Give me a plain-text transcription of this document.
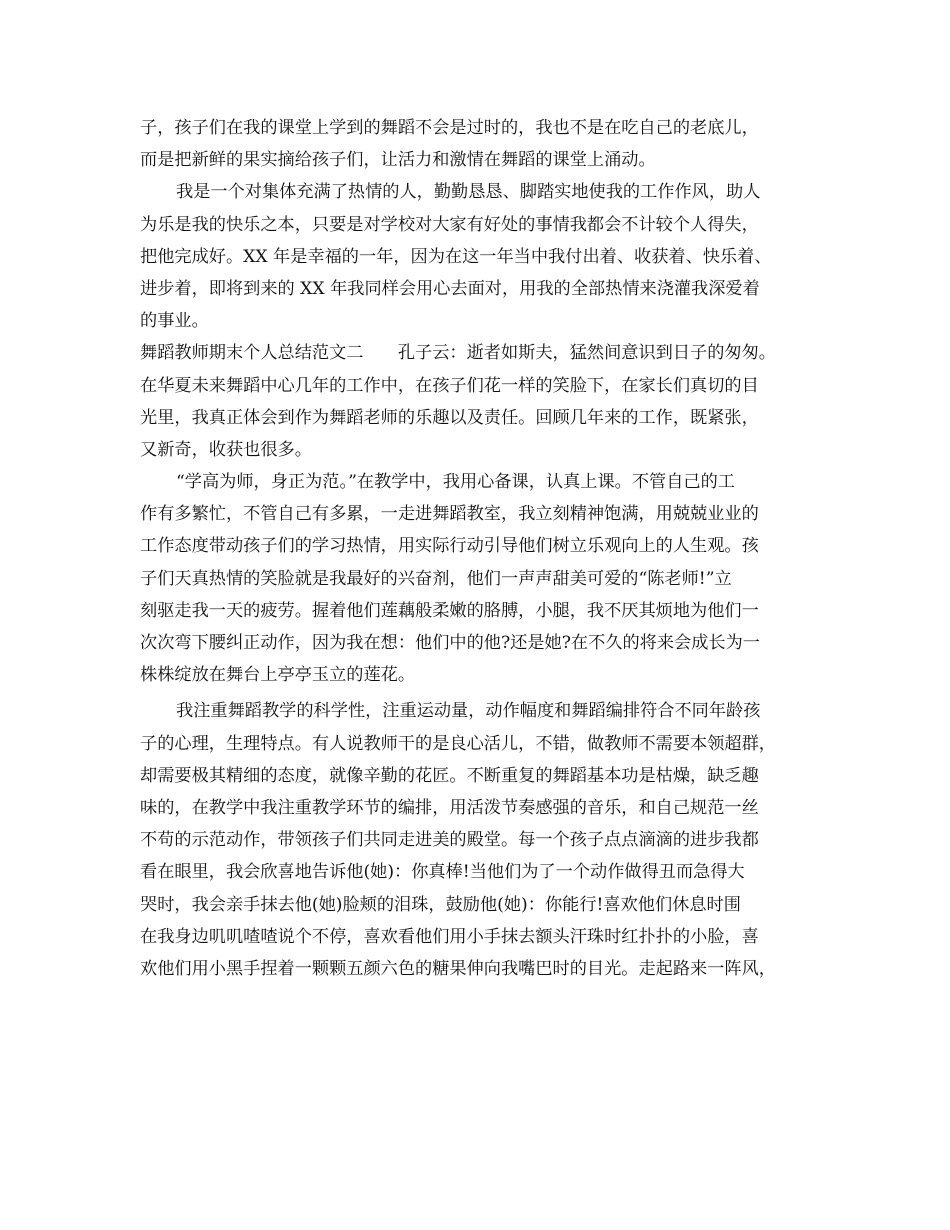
子，孩子们在我的课堂上学到的舞蹈不会是过时的，我也不是在吃自己的老底儿，
而是把新鲜的果实摘给孩子们，让活力和激情在舞蹈的课堂上涌动。
我是一个对集体充满了热情的人，勤勤恳恳、脚踏实地使我的工作作风，助人
为乐是我的快乐之本，只要是对学校对大家有好处的事情我都会不计较个人得失，
把他完成好。XX 年是幸福的一年，因为在这一年当中我付出着、收获着、快乐着、
进步着，即将到来的 XX 年我同样会用心去面对，用我的全部热情来浇灌我深爱着
的事业。
舞蹈教师期末个人总结范文二　　孔子云：逝者如斯夫，猛然间意识到日子的匆匆。
在华夏未来舞蹈中心几年的工作中，在孩子们花一样的笑脸下，在家长们真切的目
光里，我真正体会到作为舞蹈老师的乐趣以及责任。回顾几年来的工作，既紧张，
又新奇，收获也很多。
“学高为师，身正为范。”在教学中，我用心备课，认真上课。不管自己的工
作有多繁忙，不管自己有多累，一走进舞蹈教室，我立刻精神饱满，用兢兢业业的
工作态度带动孩子们的学习热情，用实际行动引导他们树立乐观向上的人生观。孩
子们天真热情的笑脸就是我最好的兴奋剂，他们一声声甜美可爱的“陈老师!”立
刻驱走我一天的疲劳。握着他们莲藕般柔嫩的胳膊，小腿，我不厌其烦地为他们一
次次弯下腰纠正动作，因为我在想：他们中的他?还是她?在不久的将来会成长为一
株株绽放在舞台上亭亭玉立的莲花。
我注重舞蹈教学的科学性，注重运动量，动作幅度和舞蹈编排符合不同年龄孩
子的心理，生理特点。有人说教师干的是良心活儿，不错，做教师不需要本领超群，
却需要极其精细的态度，就像辛勤的花匠。不断重复的舞蹈基本功是枯燥，缺乏趣
味的，在教学中我注重教学环节的编排，用活泼节奏感强的音乐，和自己规范一丝
不苟的示范动作，带领孩子们共同走进美的殿堂。每一个孩子点点滴滴的进步我都
看在眼里，我会欣喜地告诉他(她)：你真棒!当他们为了一个动作做得丑而急得大
哭时，我会亲手抹去他(她)脸颊的泪珠，鼓励他(她)：你能行!喜欢他们休息时围
在我身边叽叽喳喳说个不停，喜欢看他们用小手抹去额头汗珠时红扑扑的小脸，喜
欢他们用小黑手捏着一颗颗五颜六色的糖果伸向我嘴巴时的目光。走起路来一阵风，
